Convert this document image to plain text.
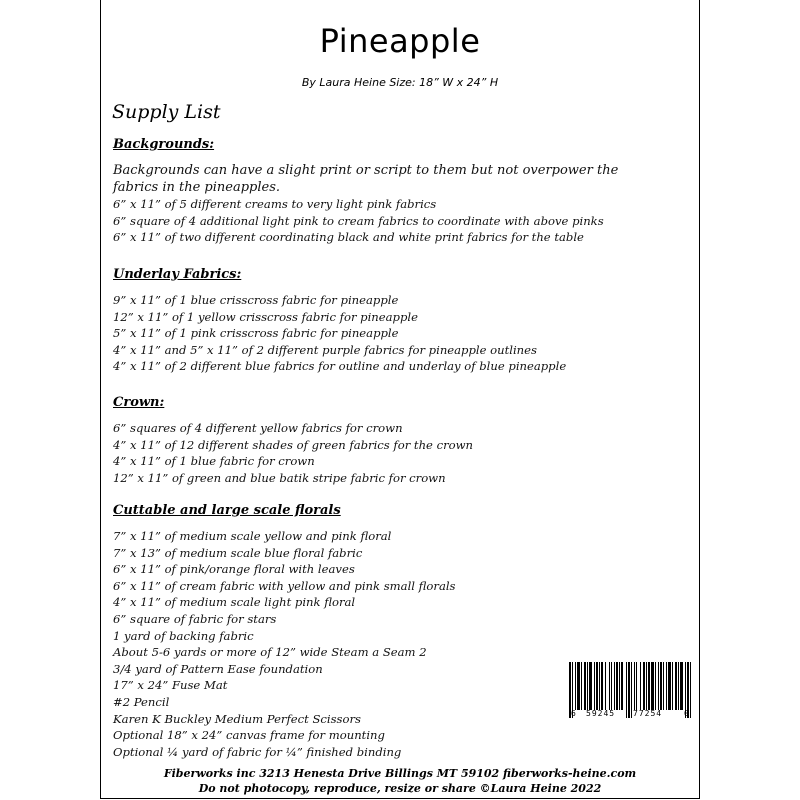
Pineapple
By Laura Heine Size: 18” W x 24” H
Supply List
Backgrounds:
Backgrounds can have a slight print or script to them but not overpower the
fabrics in the pineapples.
6” x 11” of 5 different creams to very light pink fabrics
6” square of 4 additional light pink to cream fabrics to coordinate with above pinks
6” x 11” of two different coordinating black and white print fabrics for the table
Underlay Fabrics:
9” x 11” of 1 blue crisscross fabric for pineapple
12” x 11” of 1 yellow crisscross fabric for pineapple
5” x 11” of 1 pink crisscross fabric for pineapple
4” x 11” and 5” x 11” of 2 different purple fabrics for pineapple outlines
4” x 11” of 2 different blue fabrics for outline and underlay of blue pineapple
Crown:
6” squares of 4 different yellow fabrics for crown
4” x 11” of 12 different shades of green fabrics for the crown
4” x 11” of 1 blue fabric for crown
12” x 11” of green and blue batik stripe fabric for crown
Cuttable and large scale florals
7” x 11” of medium scale yellow and pink floral
7” x 13” of medium scale blue floral fabric
6” x 11” of pink/orange floral with leaves
6” x 11” of cream fabric with yellow and pink small florals
4” x 11” of medium scale light pink floral
6” square of fabric for stars
1 yard of backing fabric
About 5-6 yards or more of 12” wide Steam a Seam 2
3/4 yard of Pattern Ease foundation
17” x 24” Fuse Mat
#2 Pencil
Karen K Buckley Medium Perfect Scissors
Optional 18” x 24” canvas frame for mounting
Optional ¼ yard of fabric for ¼” finished binding
6 59245 77254	0
Fiberworks inc 3213 Henesta Drive Billings MT 59102 fiberworks-heine.com
Do not photocopy, reproduce, resize or share ©Laura Heine 2022
